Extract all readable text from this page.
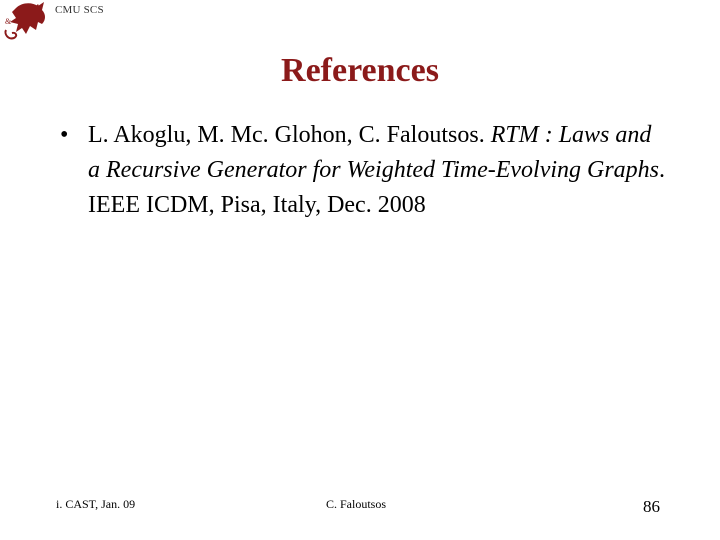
&
CMU SCS
References
• L. Akoglu, M. Mc. Glohon, C. Faloutsos. RTM : Laws and a Recursive Generator for Weighted Time-Evolving Graphs. IEEE ICDM, Pisa, Italy, Dec. 2008
i. CAST, Jan. 09	C. Faloutsos	86
